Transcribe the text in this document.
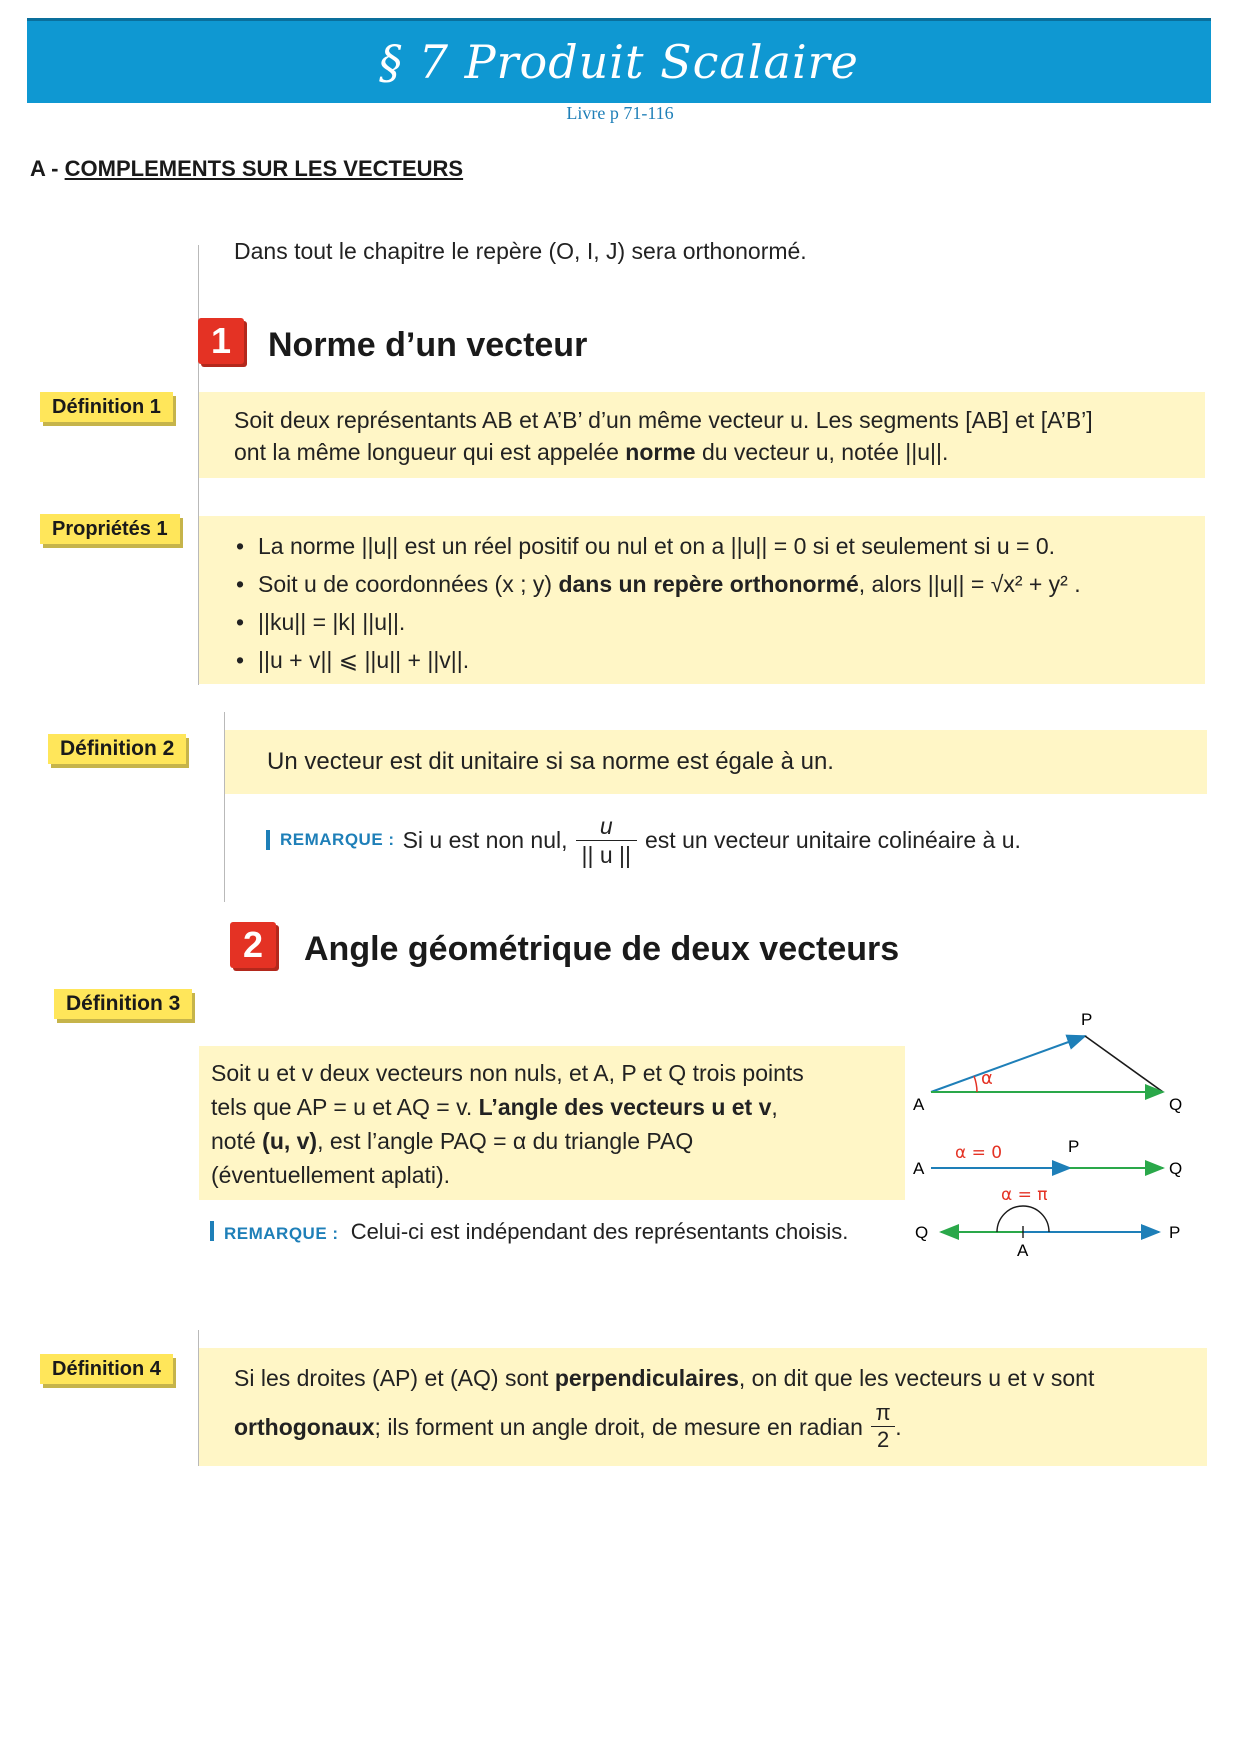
§ 7 Produit Scalaire
Livre p 71-116
A - COMPLEMENTS SUR LES VECTEURS
Dans tout le chapitre le repère (O, I, J) sera orthonormé.
1	Norme d’un vecteur
Définition 1	Soit deux représentants AB et A’B’ d’un même vecteur u. Les segments [AB] et [A’B’]
ont la même longueur qui est appelée norme du vecteur u, notée ||u||.
Propriétés 1
• La norme ||u|| est un réel positif ou nul et on a ||u|| = 0 si et seulement si u = 0.
• Soit u de coordonnées (x ; y) dans un repère orthonormé, alors ||u|| = √x² + y² .
• ||ku|| = |k| ||u||.
• ||u + v|| ⩽ ||u|| + ||v||.
Définition 2	Un vecteur est dit unitaire si sa norme est égale à un.
REMARQUE : Si u est non nul, $\frac{u}{|| u ||}$ est un vecteur unitaire colinéaire à u.
2	Angle géométrique de deux vecteurs
Définition 3
Soit u et v deux vecteurs non nuls, et A, P et Q trois points
tels que AP = u et AQ = v. L’angle des vecteurs u et v,
noté (u, v), est l’angle PAQ = α du triangle PAQ
(éventuellement aplati).
REMARQUE : Celui-ci est indépendant des représentants choisis.
α
P
A	Q
α = 0	P
A	Q
α = π
Q
A
P
Définition 4	Si les droites (AP) et (AQ) sont perpendiculaires, on dit que les vecteurs u et v sont
orthogonaux ; ils forment un angle droit, de mesure en radian $\frac{\pi}{2}$ .
